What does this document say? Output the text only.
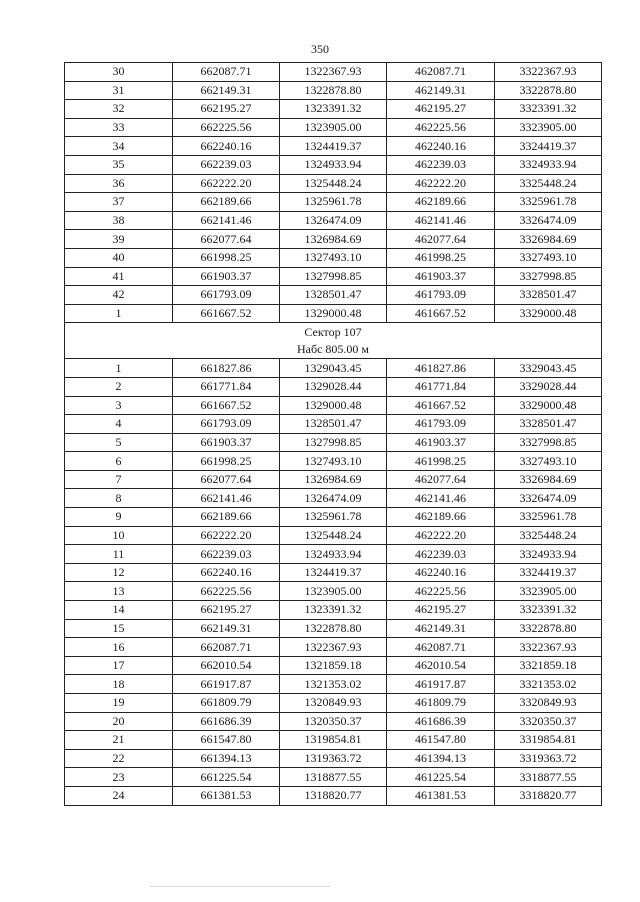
350
30	662087.71	1322367.93	462087.71	3322367.93
31	662149.31	1322878.80	462149.31	3322878.80
32	662195.27	1323391.32	462195.27	3323391.32
33	662225.56	1323905.00	462225.56	3323905.00
34	662240.16	1324419.37	462240.16	3324419.37
35	662239.03	1324933.94	462239.03	3324933.94
36	662222.20	1325448.24	462222.20	3325448.24
37	662189.66	1325961.78	462189.66	3325961.78
38	662141.46	1326474.09	462141.46	3326474.09
39	662077.64	1326984.69	462077.64	3326984.69
40	661998.25	1327493.10	461998.25	3327493.10
41	661903.37	1327998.85	461903.37	3327998.85
42	661793.09	1328501.47	461793.09	3328501.47
1	661667.52	1329000.48	461667.52	3329000.48

Сектор 107
Набс 805.00 м				

1	661827.86	1329043.45	461827.86	3329043.45
2	661771.84	1329028.44	461771.84	3329028.44
3	661667.52	1329000.48	461667.52	3329000.48
4	661793.09	1328501.47	461793.09	3328501.47
5	661903.37	1327998.85	461903.37	3327998.85
6	661998.25	1327493.10	461998.25	3327493.10
7	662077.64	1326984.69	462077.64	3326984.69
8	662141.46	1326474.09	462141.46	3326474.09
9	662189.66	1325961.78	462189.66	3325961.78
10	662222.20	1325448.24	462222.20	3325448.24
11	662239.03	1324933.94	462239.03	3324933.94
12	662240.16	1324419.37	462240.16	3324419.37
13	662225.56	1323905.00	462225.56	3323905.00
14	662195.27	1323391.32	462195.27	3323391.32
15	662149.31	1322878.80	462149.31	3322878.80
16	662087.71	1322367.93	462087.71	3322367.93
17	662010.54	1321859.18	462010.54	3321859.18
18	661917.87	1321353.02	461917.87	3321353.02
19	661809.79	1320849.93	461809.79	3320849.93
20	661686.39	1320350.37	461686.39	3320350.37
21	661547.80	1319854.81	461547.80	3319854.81
22	661394.13	1319363.72	461394.13	3319363.72
23	661225.54	1318877.55	461225.54	3318877.55
24	661381.53	1318820.77	461381.53	3318820.77
